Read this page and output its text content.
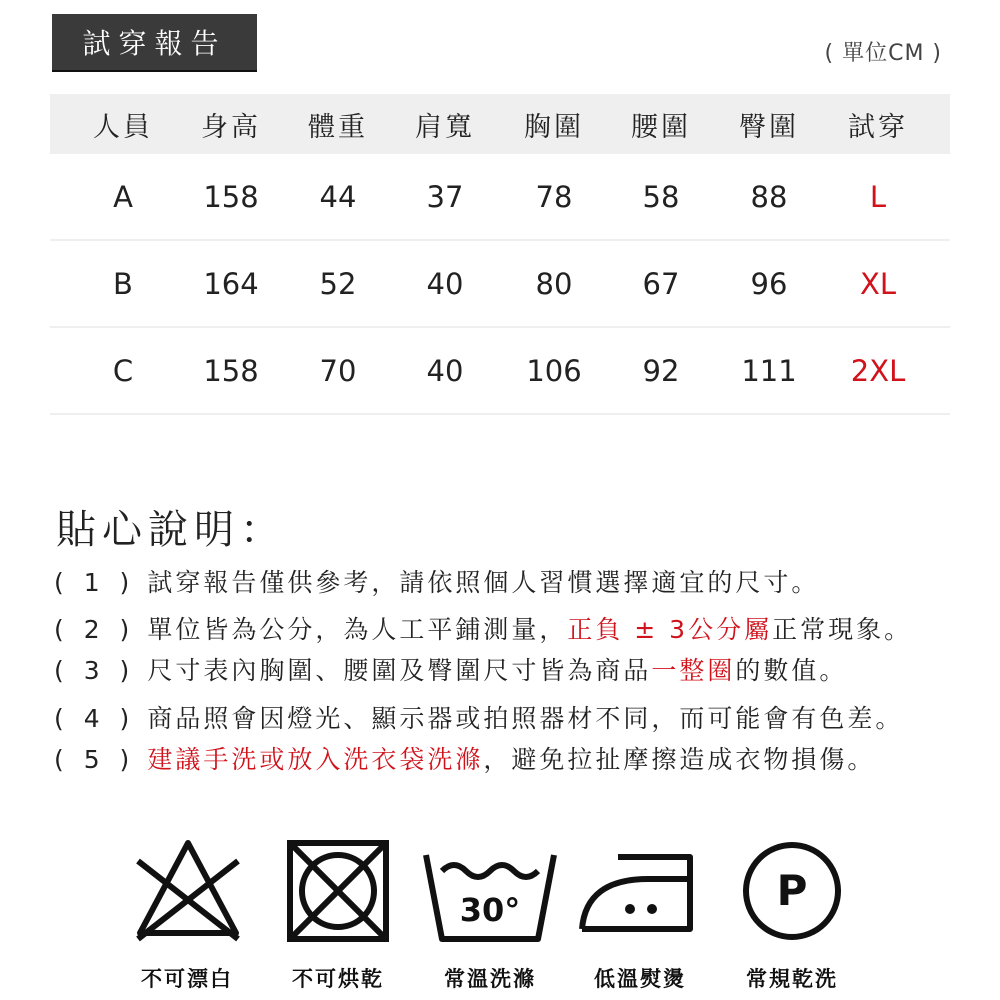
試穿報告	( 單位CM )
人員	身高	體重	肩寬	胸圍	腰圍	臀圍	試穿
A	158	44	37	78	58	88	L
B	164	52	40	80	67	96	XL
C	158	70	40	106	92	111	2XL
貼心說明：
( 1 ) 試穿報告僅供參考，請依照個人習慣選擇適宜的尺寸。
( 2 ) 單位皆為公分，為人工平鋪測量，正負 ± 3公分屬正常現象。
( 3 ) 尺寸表內胸圍、腰圍及臀圍尺寸皆為商品一整圈的數值。
( 4 ) 商品照會因燈光、顯示器或拍照器材不同，而可能會有色差。
( 5 ) 建議手洗或放入洗衣袋洗滌，避免拉扯摩擦造成衣物損傷。
30°	P
不可漂白	不可烘乾	常溫洗滌	低溫熨燙	常規乾洗
